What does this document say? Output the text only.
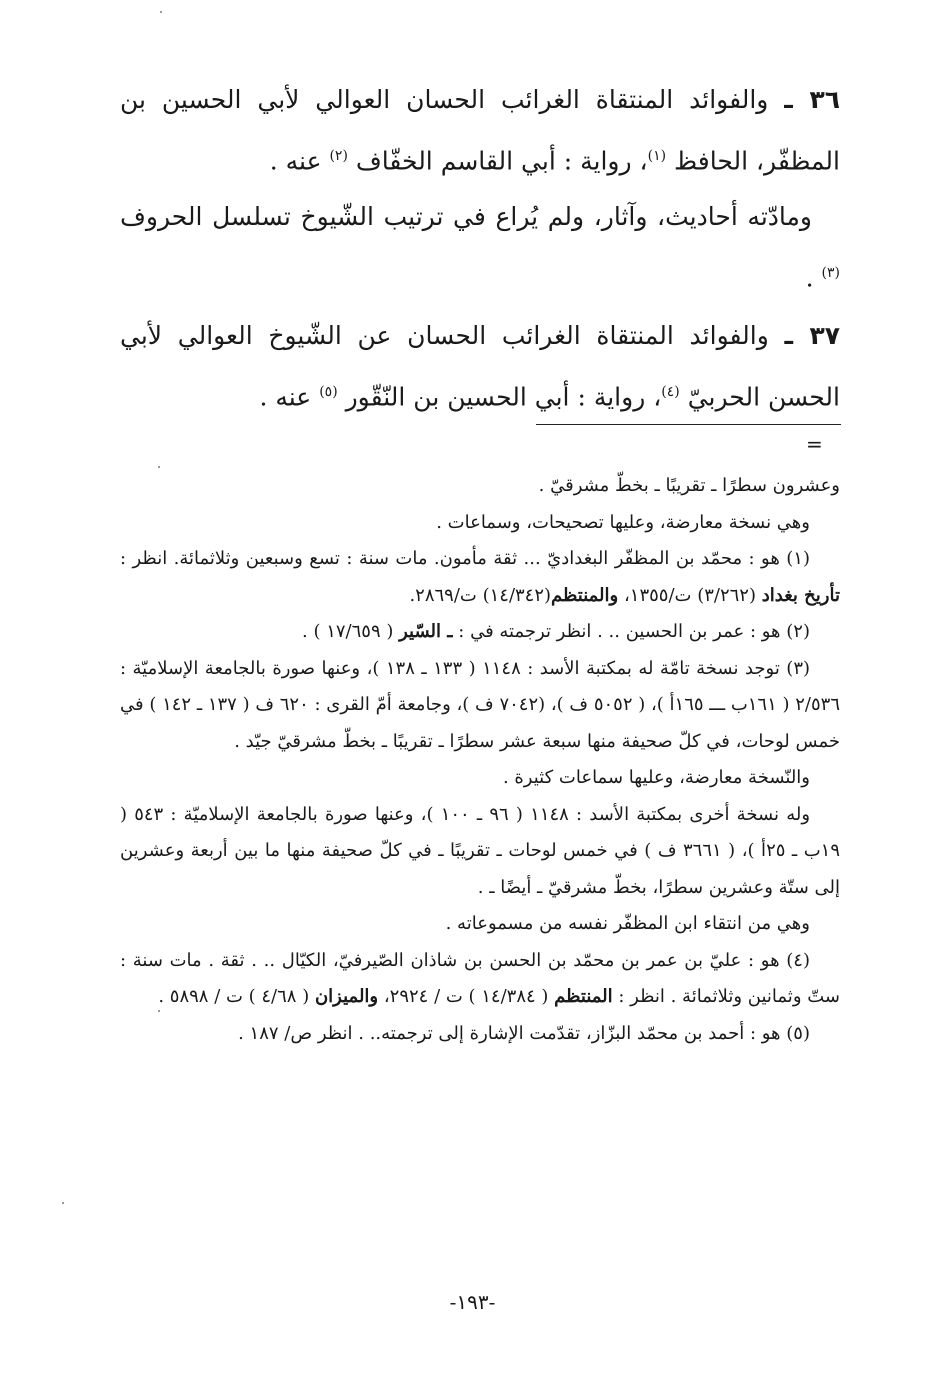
٣٦ ـ والفوائد المنتقاة الغرائب الحسان العوالي لأبي الحسين بن المظفّر، الحافظ $^{(١)}$، رواية : أبي القاسم الخفّاف $^{(٢)}$ عنه .
ومادّته أحاديث، وآثار، ولم يُراع في ترتيب الشّيوخ تسلسل الحروف $^{(٣)}$ .
٣٧ ـ والفوائد المنتقاة الغرائب الحسان عن الشّيوخ العوالي لأبي الحسن الحربيّ $^{(٤)}$، رواية : أبي الحسين بن النّقّور $^{(٥)}$ عنه .
=

وعشرون سطرًا ـ تقريبًا ـ بخطّ مشرقيّ .

وهي نسخة معارضة، وعليها تصحيحات، وسماعات .

(١) هو : محمّد بن المظفّر البغداديّ ... ثقة مأمون. مات سنة : تسع وسبعين وثلاثمائة. انظر : تأريخ بغداد (٣/٢٦٢) ت/١٣٥٥، والمنتظم(١٤/٣٤٢) ت/٢٨٦٩.

(٢) هو : عمر بن الحسين .. . انظر ترجمته في : ـ السّير ( ١٧/٦٥٩ ) .

(٣) توجد نسخة تامّة له بمكتبة الأسد : ١١٤٨ ( ١٣٣ ـ ١٣٨ )، وعنها صورة بالجامعة الإسلاميّة : ٢/٥٣٦ ( ١٦١ب ـــ ١٦٥أ )، ( ٥٠٥٢ ف )، (٧٠٤٢ ف )، وجامعة أمّ القرى : ٦٢٠ ف ( ١٣٧ ـ ١٤٢ ) في خمس لوحات، في كلّ صحيفة منها سبعة عشر سطرًا ـ تقريبًا ـ بخطّ مشرقيّ جيّد .

والنّسخة معارضة، وعليها سماعات كثيرة .

وله نسخة أخرى بمكتبة الأسد : ١١٤٨ ( ٩٦ ـ ١٠٠ )، وعنها صورة بالجامعة الإسلاميّة : ٥٤٣ ( ١٩ب ـ ٢٥أ )، ( ٣٦٦١ ف ) في خمس لوحات ـ تقريبًا ـ في كلّ صحيفة منها ما بين أربعة وعشرين إلى ستّة وعشرين سطرًا، بخطّ مشرقيّ ـ أيضًا ـ .

وهي من انتقاء ابن المظفّر نفسه من مسموعاته .

(٤) هو : عليّ بن عمر بن محمّد بن الحسن بن شاذان الصّيرفيّ، الكيّال .. . ثقة . مات سنة : ستّ وثمانين وثلاثمائة . انظر : المنتظم ( ١٤/٣٨٤ ) ت / ٢٩٢٤، والميزان ( ٤/٦٨ ) ت / ٥٨٩٨ .

(٥) هو : أحمد بن محمّد البزّاز، تقدّمت الإشارة إلى ترجمته.. . انظر ص/ ١٨٧ .

-١٩٣-
